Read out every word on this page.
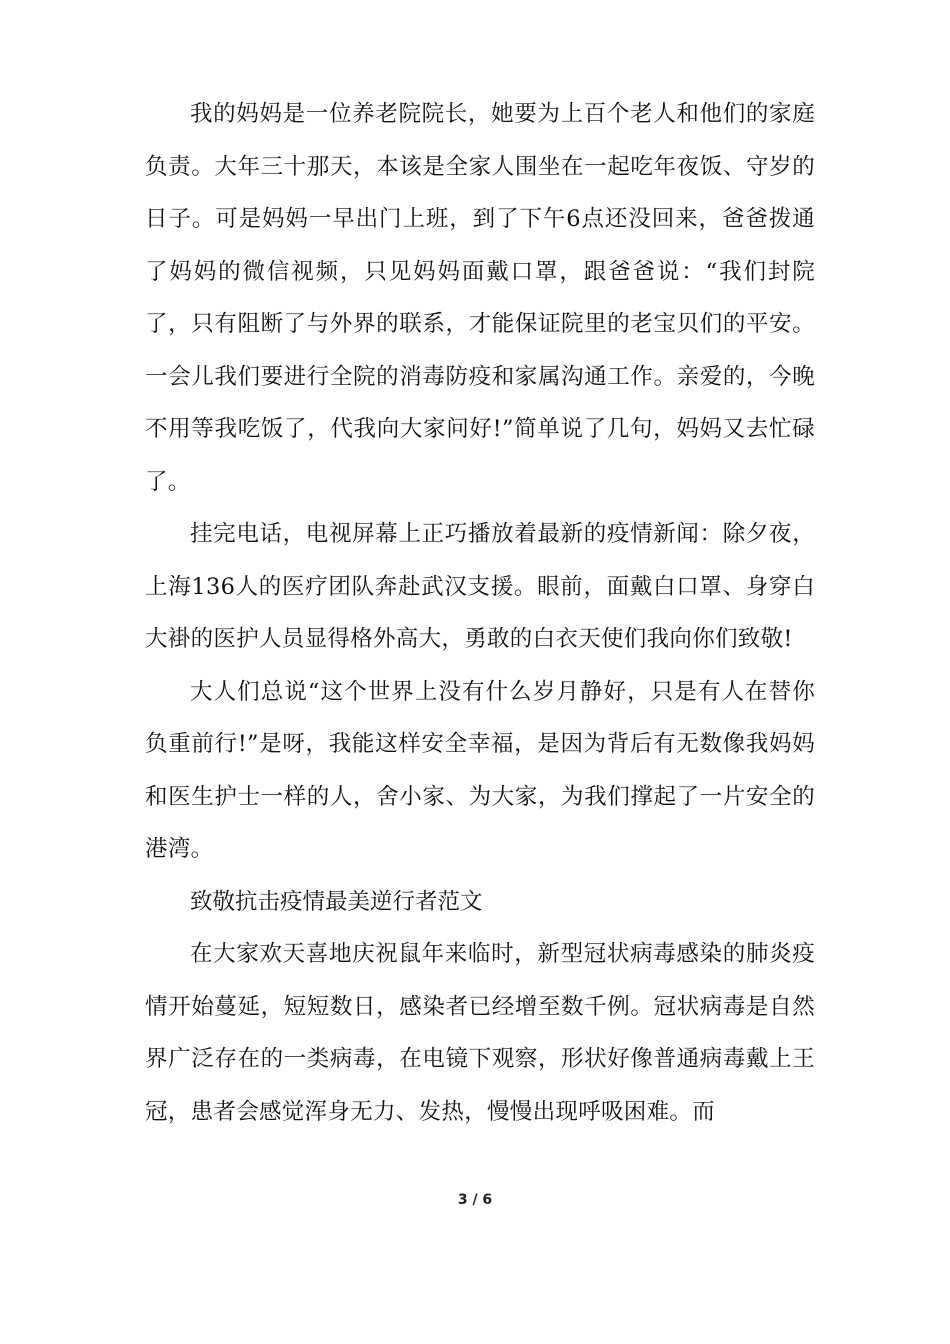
我的妈妈是一位养老院院长，她要为上百个老人和他们的家庭负责。大年三十那天，本该是全家人围坐在一起吃年夜饭、守岁的日子。可是妈妈一早出门上班，到了下午6点还没回来，爸爸拨通了妈妈的微信视频，只见妈妈面戴口罩，跟爸爸说：“我们封院了，只有阻断了与外界的联系，才能保证院里的老宝贝们的平安。一会儿我们要进行全院的消毒防疫和家属沟通工作。亲爱的，今晚不用等我吃饭了，代我向大家问好!”简单说了几句，妈妈又去忙碌了。

挂完电话，电视屏幕上正巧播放着最新的疫情新闻：除夕夜，上海136人的医疗团队奔赴武汉支援。眼前，面戴白口罩、身穿白大褂的医护人员显得格外高大，勇敢的白衣天使们我向你们致敬!

大人们总说“这个世界上没有什么岁月静好，只是有人在替你负重前行!”是呀，我能这样安全幸福，是因为背后有无数像我妈妈和医生护士一样的人，舍小家、为大家，为我们撑起了一片安全的港湾。

致敬抗击疫情最美逆行者范文

在大家欢天喜地庆祝鼠年来临时，新型冠状病毒感染的肺炎疫情开始蔓延，短短数日，感染者已经增至数千例。冠状病毒是自然界广泛存在的一类病毒，在电镜下观察，形状好像普通病毒戴上王冠，患者会感觉浑身无力、发热，慢慢出现呼吸困难。而

3 / 6
